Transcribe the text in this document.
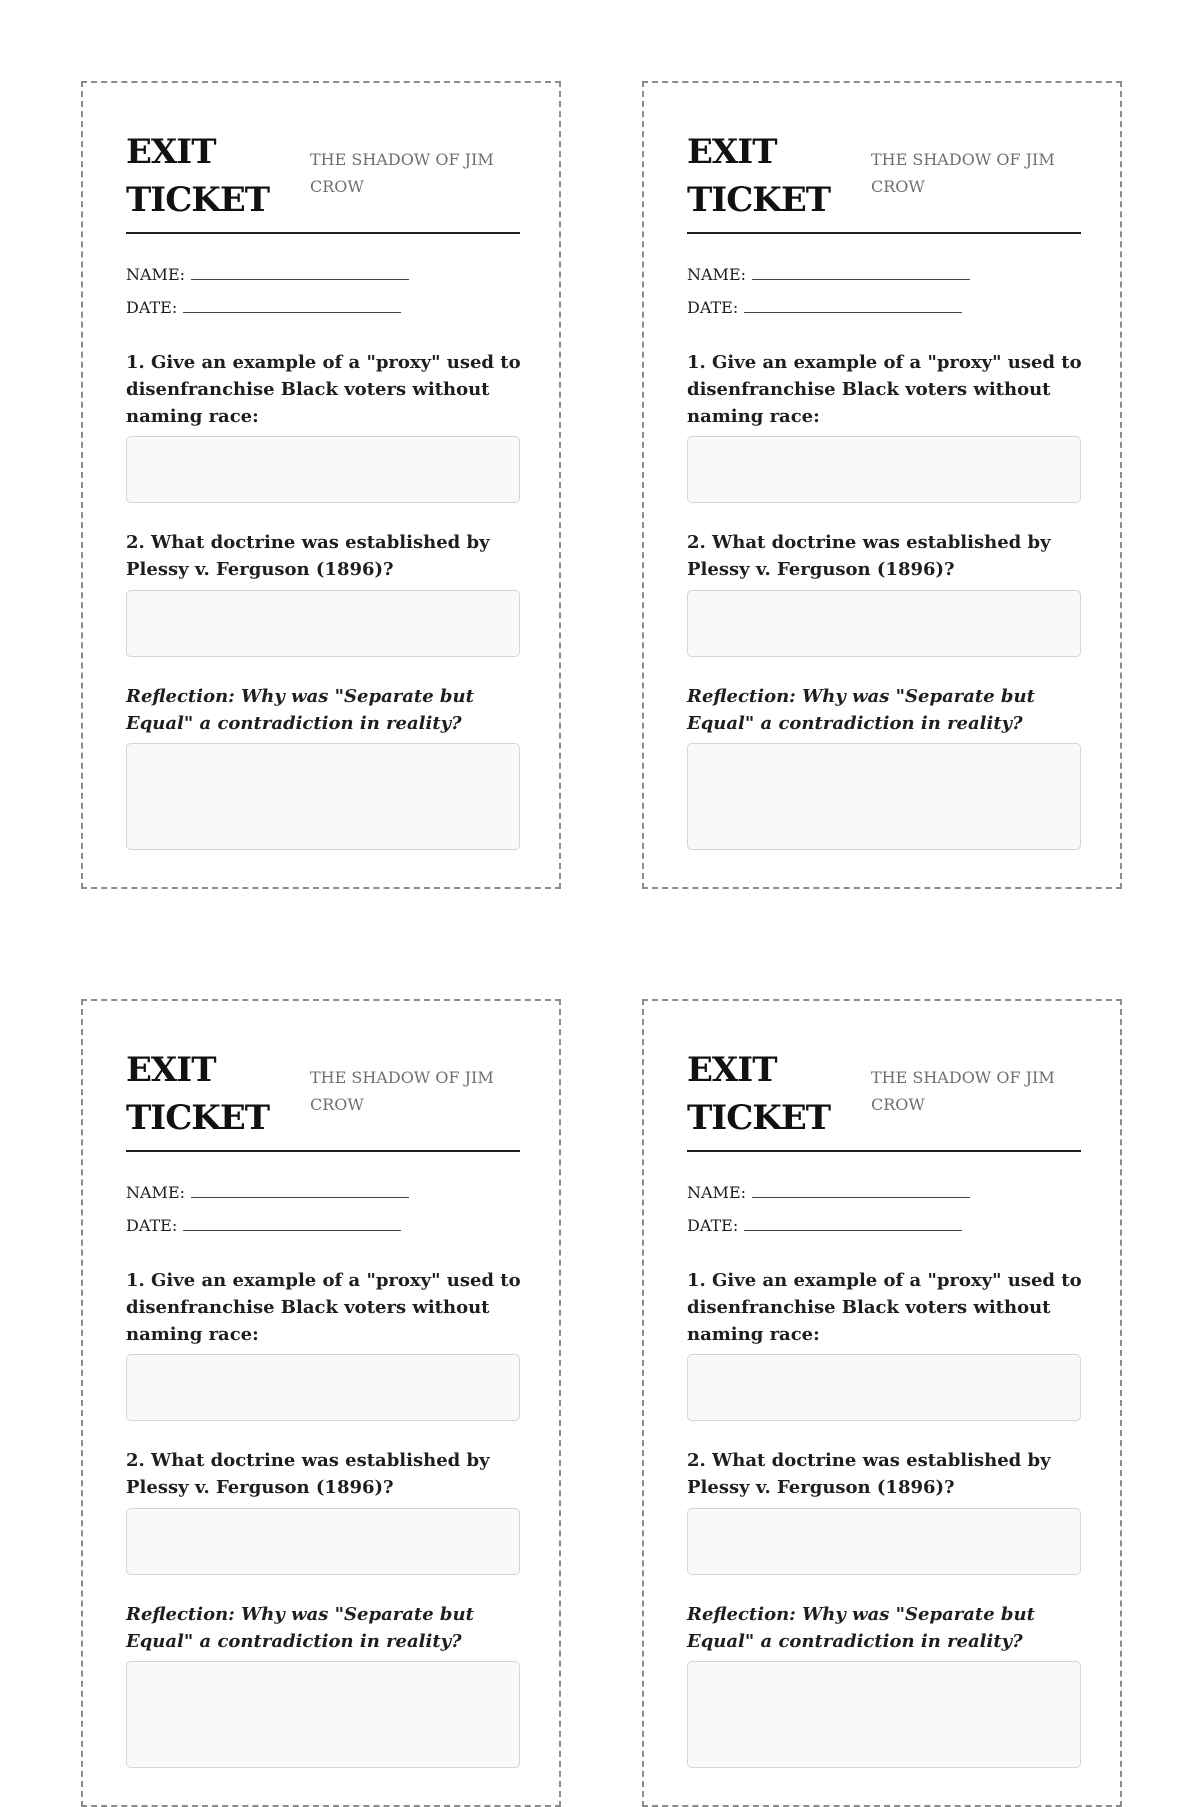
EXIT TICKET
THE SHADOW OF JIM CROW
NAME:
DATE:
1. Give an example of a "proxy" used to disenfranchise Black voters without naming race:
2. What doctrine was established by Plessy v. Ferguson (1896)?
Reflection: Why was "Separate but Equal" a contradiction in reality?
EXIT TICKET
THE SHADOW OF JIM CROW
NAME:
DATE:
1. Give an example of a "proxy" used to disenfranchise Black voters without naming race:
2. What doctrine was established by Plessy v. Ferguson (1896)?
Reflection: Why was "Separate but Equal" a contradiction in reality?
EXIT TICKET
THE SHADOW OF JIM CROW
NAME:
DATE:
1. Give an example of a "proxy" used to disenfranchise Black voters without naming race:
2. What doctrine was established by Plessy v. Ferguson (1896)?
Reflection: Why was "Separate but Equal" a contradiction in reality?
EXIT TICKET
THE SHADOW OF JIM CROW
NAME:
DATE:
1. Give an example of a "proxy" used to disenfranchise Black voters without naming race:
2. What doctrine was established by Plessy v. Ferguson (1896)?
Reflection: Why was "Separate but Equal" a contradiction in reality?
